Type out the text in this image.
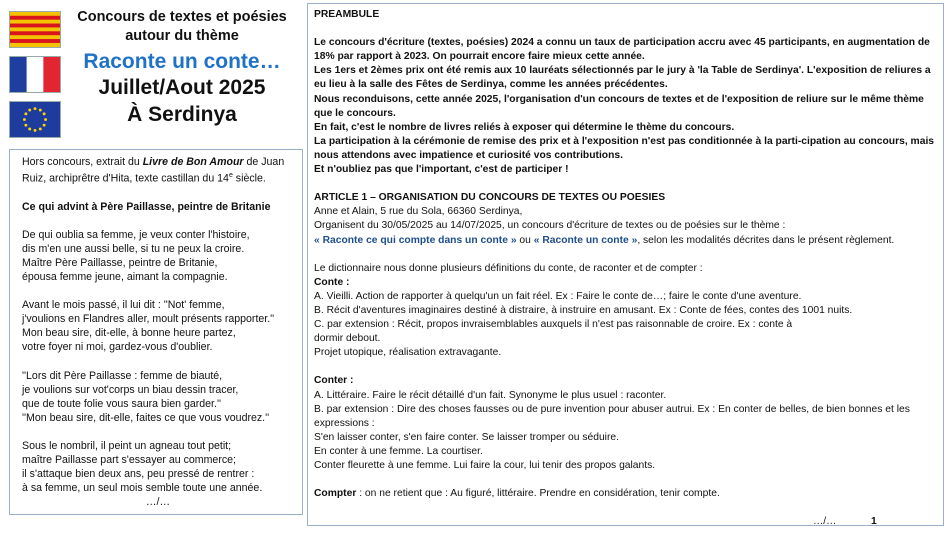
Concours de textes et poésies
autour du thème
Raconte un conte…
Juillet/Aout 2025
À Serdinya

Hors concours, extrait du Livre de Bon Amour de Juan Ruiz, archiprêtre d'Hita, texte castillan du 14e siècle.

Ce qui advint à Père Paillasse, peintre de Britanie

De qui oublia sa femme, je veux conter l'histoire,

dis m'en une aussi belle, si tu ne peux la croire.

Maître Père Paillasse, peintre de Britanie,

épousa femme jeune, aimant la compagnie.

Avant le mois passé, il lui dit : ''Not' femme,

j'voulions en Flandres aller, moult présents rapporter.''

Mon beau sire, dit-elle, à bonne heure partez,

votre foyer ni moi, gardez-vous d'oublier.

''Lors dit Père Paillasse : femme de biauté,

je voulions sur vot'corps un biau dessin tracer,

que de toute folie vous saura bien garder.''

''Mon beau sire, dit-elle, faites ce que vous voudrez.''

Sous le nombril, il peint un agneau tout petit;

maître Paillasse part s'essayer au commerce;

il s'attaque bien deux ans, peu pressé de rentrer :

à sa femme, un seul mois semble toute une année.

…/…

PREAMBULE

Le concours d'écriture (textes, poésies) 2024 a connu un taux de participation accru avec 45 participants, en augmentation de 18% par rapport à 2023. On pourrait encore faire mieux cette année.

Les 1ers et 2èmes prix ont été remis aux 10 lauréats sélectionnés par le jury à 'la Table de Serdinya'. L'exposition de reliures a eu lieu à la salle des Fêtes de Serdinya, comme les années précédentes.

Nous reconduisons, cette année 2025, l'organisation d'un concours de textes et de l'exposition de reliure sur le même thème que le concours.

En fait, c'est le nombre de livres reliés à exposer qui détermine le thème du concours.

La participation à la cérémonie de remise des prix et à l'exposition n'est pas conditionnée à la parti-cipation au concours, mais nous attendons avec impatience et curiosité vos contributions.

Et n'oubliez pas que l'important, c'est de participer !

ARTICLE 1 – ORGANISATION DU CONCOURS DE TEXTES OU POESIES

Anne et Alain, 5 rue du Sola, 66360 Serdinya,

Organisent du 30/05/2025 au 14/07/2025, un concours d'écriture de textes ou de poésies sur le thème :

« Raconte ce qui compte dans un conte » ou « Raconte un conte », selon les modalités décrites dans le présent règlement.

Le dictionnaire nous donne plusieurs définitions du conte, de raconter et de compter :

Conte :

A. Vieilli. Action de rapporter à quelqu'un un fait réel. Ex : Faire le conte de…; faire le conte d'une aventure.

B. Récit d'aventures imaginaires destiné à distraire, à instruire en amusant. Ex : Conte de fées, contes des 1001 nuits.

C. par extension : Récit, propos invraisemblables auxquels il n'est pas raisonnable de croire. Ex : conte à

dormir debout.

Projet utopique, réalisation extravagante.

Conter :

A. Littéraire. Faire le récit détaillé d'un fait. Synonyme le plus usuel : raconter.

B. par extension : Dire des choses fausses ou de pure invention pour abuser autrui. Ex : En conter de belles, de bien bonnes et les expressions :

S'en laisser conter, s'en faire conter. Se laisser tromper ou séduire.

En conter à une femme. La courtiser.

Conter fleurette à une femme. Lui faire la cour, lui tenir des propos galants.

Compter : on ne retient que : Au figuré, littéraire. Prendre en considération, tenir compte.

…/…	1
